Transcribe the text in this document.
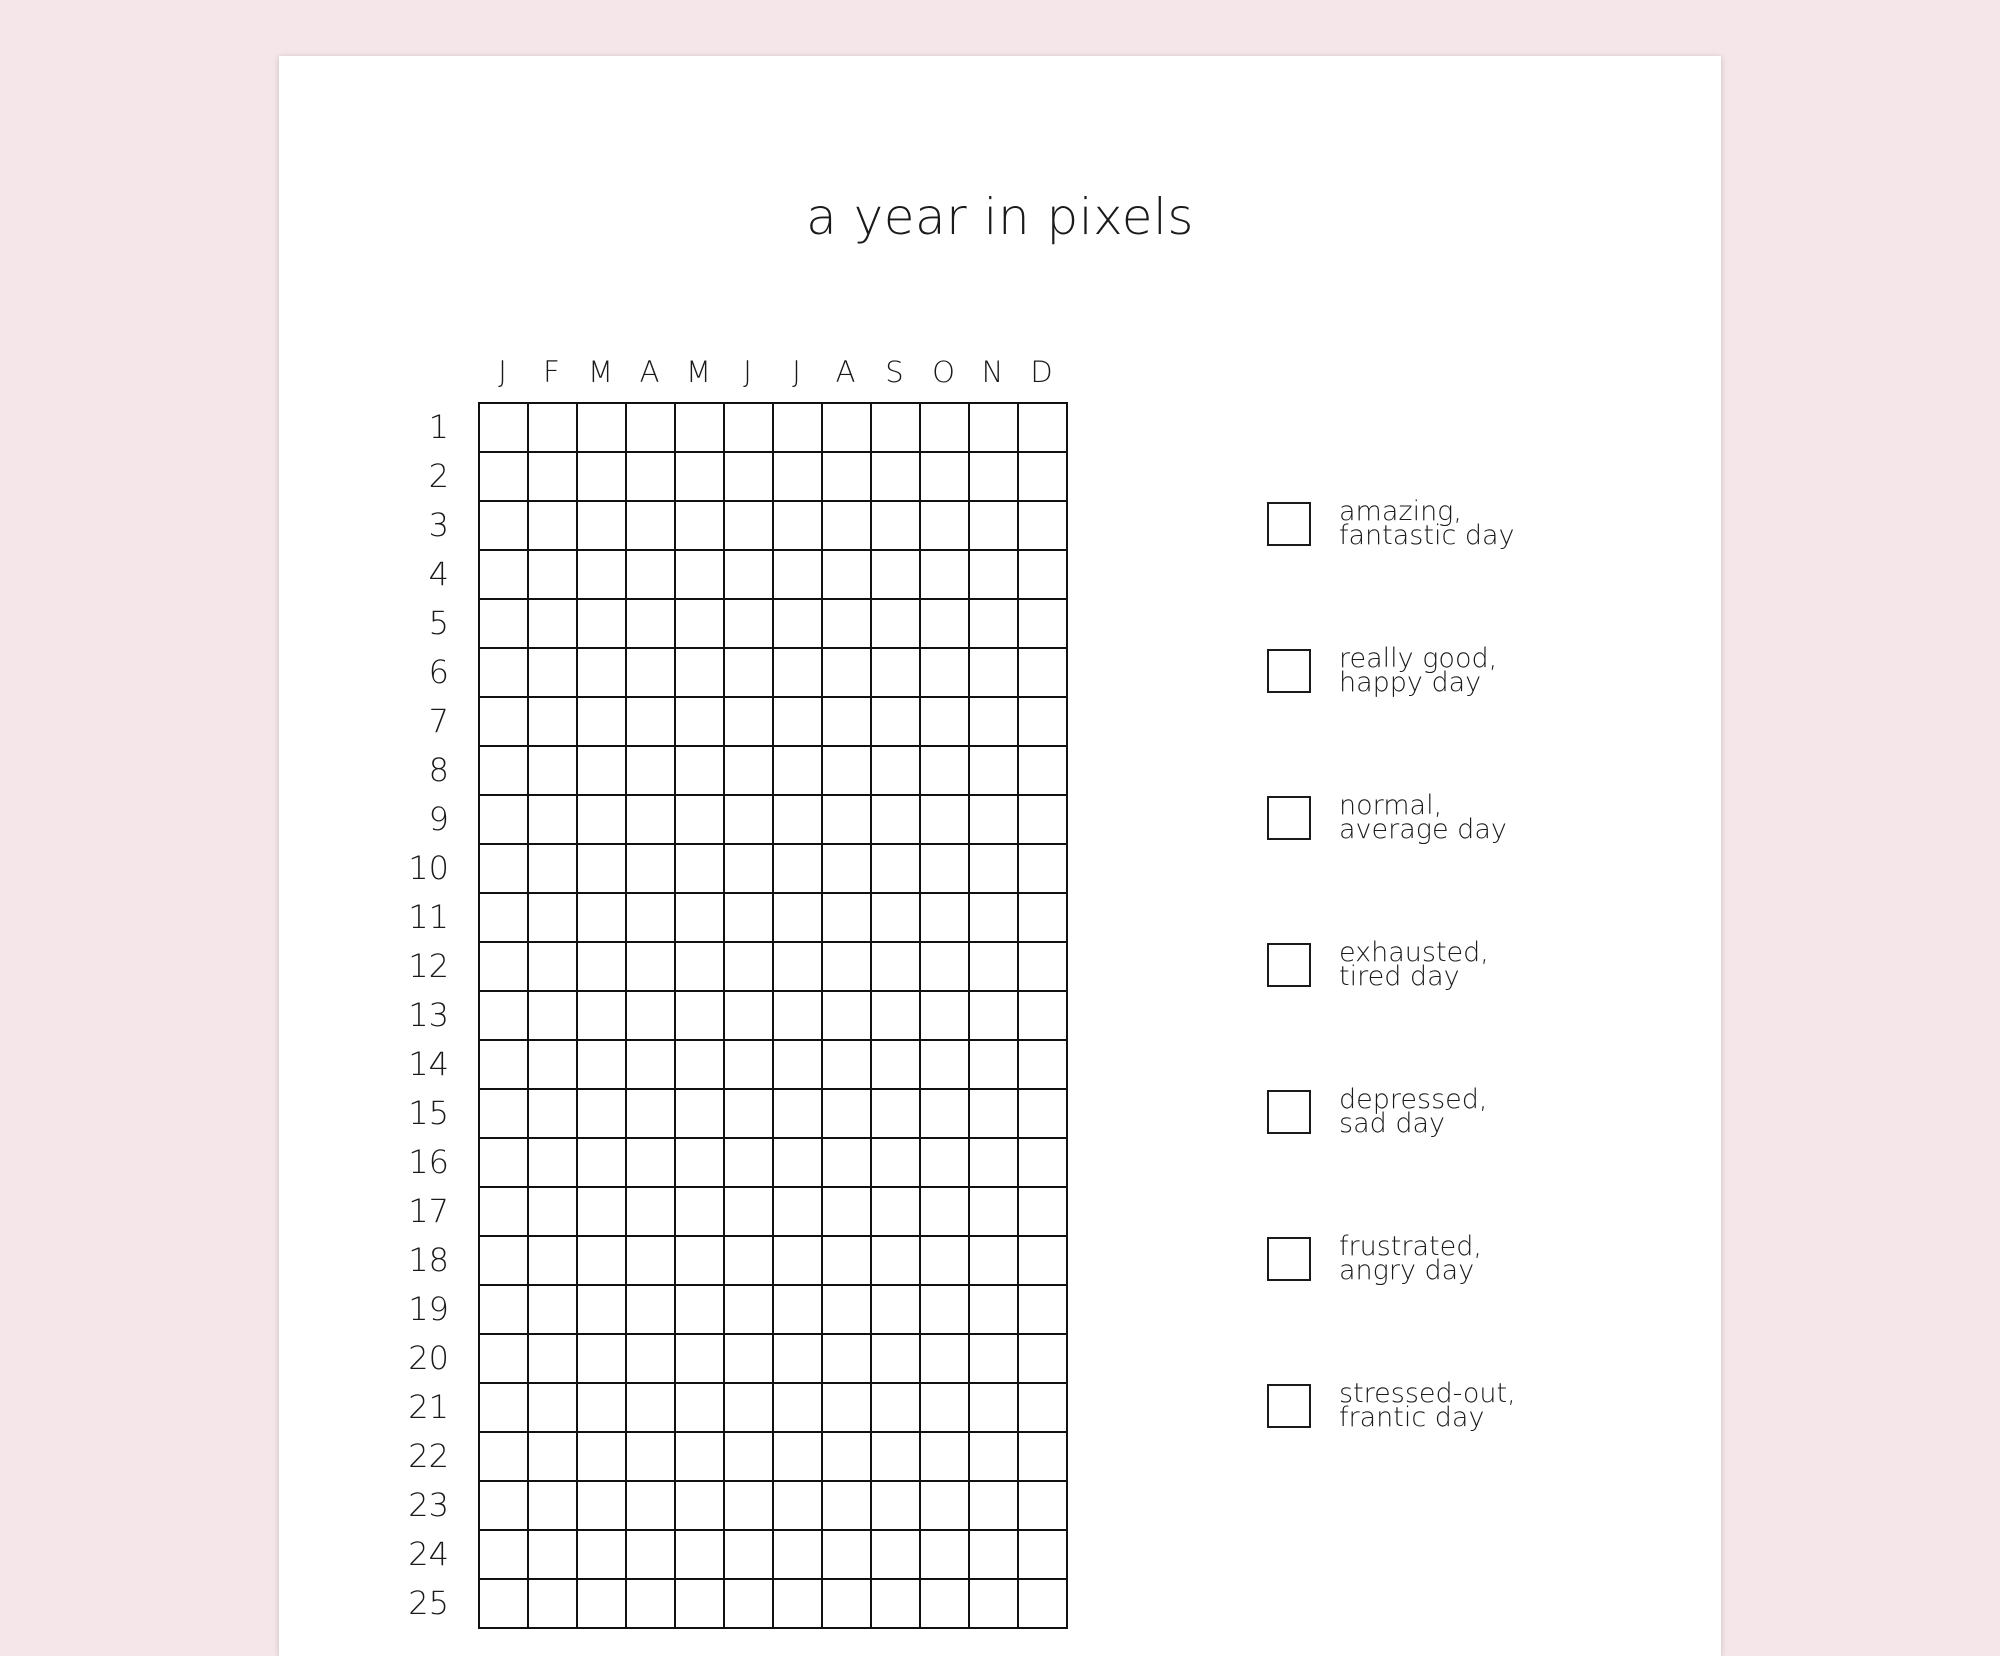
a year in pixels
J	F M A M	J	J	A	S O N D
1
2
3
4
5
6
7
8
9
10
11
12
13
14
15
16
17
18
19
20
21
22
23
24
25
amazing,
fantastic day
really good,
happy day
normal,
average day
exhausted,
tired day
depressed,
sad day
frustrated,
angry day
stressed-out,
frantic day
